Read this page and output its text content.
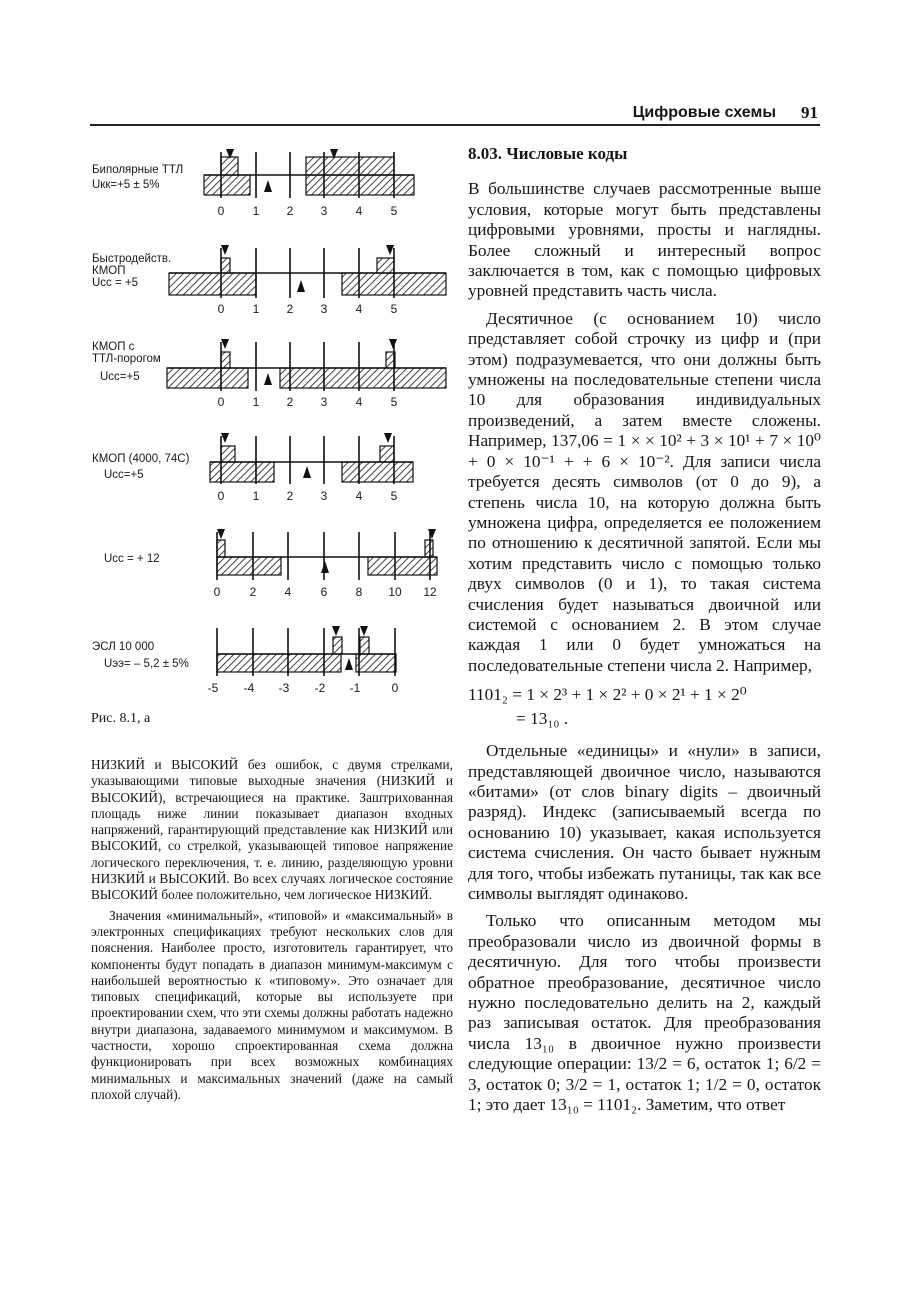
Цифровые схемы 91
Биполярные ТТЛ
Uкк=+5 ± 5%
0 1 2 3 4 5
Быстродейств.
КМОП
Ucc = +5
0 1 2 3 4 5
КМОП с
ТТЛ-порогом
Ucc=+5
0 1 2 3 4 5
КМОП (4000, 74C)
Ucc=+5
0 1 2 3 4 5
Ucc = + 12
0 2 4 6 8 10 12
ЭСЛ 10 000
Uээ= – 5,2 ± 5%
-5 -4 -3 -2 -1	0
Рис. 8.1, а

НИЗКИЙ и ВЫСОКИЙ без ошибок, с двумя стрелками, указывающими типовые выходные значения (НИЗКИЙ и ВЫСОКИЙ), встречающиеся на практике. Заштрихованная площадь ниже линии показывает диапазон входных напряжений, гарантирующий представление как НИЗКИЙ или ВЫСОКИЙ, со стрелкой, указывающей типовое напряжение логического переключения, т. е. линию, разделяющую уровни НИЗКИЙ и ВЫСОКИЙ. Во всех случаях логическое состояние ВЫСОКИЙ более положительно, чем логическое НИЗКИЙ.

Значения «минимальный», «типовой» и «максимальный» в электронных спецификациях требуют нескольких слов для пояснения. Наиболее просто, изготовитель гарантирует, что компоненты будут попадать в диапазон минимум-максимум с наибольшей вероятностью к «типовому». Это означает для типовых спецификаций, которые вы используете при проектировании схем, что эти схемы должны работать надежно внутри диапазона, задаваемого минимумом и максимумом. В частности, хорошо спроектированная схема должна функционировать при всех возможных комбинациях минимальных и максимальных значений (даже на самый плохой случай).

8.03. Числовые коды

В большинстве случаев рассмотренные выше условия, которые могут быть представлены цифровыми уровнями, просты и наглядны. Более сложный и интересный вопрос заключается в том, как с помощью цифровых уровней представить часть числа.

Десятичное (с основанием 10) число представляет собой строчку из цифр и (при этом) подразумевается, что они должны быть умножены на последовательные степени числа 10 для образования индивидуальных произведений, а затем вместе сложены. Например, 137,06 = 1 × × 10² + 3 × 10¹ + 7 × 10⁰ + 0 × 10⁻¹ + + 6 × 10⁻². Для записи числа требуется десять символов (от 0 до 9), а степень числа 10, на которую должна быть умножена цифра, определяется ее положением по отношению к десятичной запятой. Если мы хотим представить число с помощью только двух символов (0 и 1), то такая система счисления будет называться двоичной или системой с основанием 2. В этом случае каждая 1 или 0 будет умножаться на последовательные степени числа 2. Например,

1101₂ = 1 × 2³ + 1 × 2² + 0 × 2¹ + 1 × 2⁰
= 13₁₀ .

Отдельные «единицы» и «нули» в записи, представляющей двоичное число, называются «битами» (от слов binary digits – двоичный разряд). Индекс (записываемый всегда по основанию 10) указывает, какая используется система счисления. Он часто бывает нужным для того, чтобы избежать путаницы, так как все символы выглядят одинаково.

Только что описанным методом мы преобразовали число из двоичной формы в десятичную. Для того чтобы произвести обратное преобразование, десятичное число нужно последовательно делить на 2, каждый раз записывая остаток. Для преобразования числа 13₁₀ в двоичное нужно произвести следующие операции: 13/2 = 6, остаток 1; 6/2 = 3, остаток 0; 3/2 = 1, остаток 1; 1/2 = 0, остаток 1; это дает 13₁₀ = 1101₂. Заметим, что ответ
